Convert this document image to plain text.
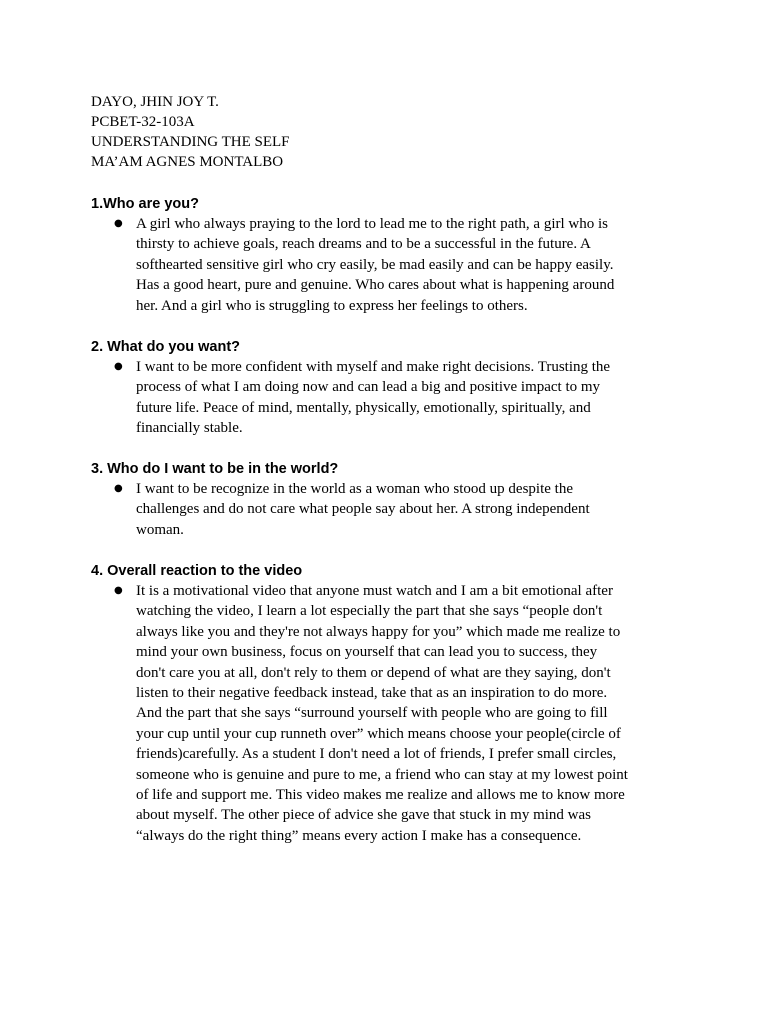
DAYO, JHIN JOY T.
PCBET-32-103A
UNDERSTANDING THE SELF
MA’AM AGNES MONTALBO
1.Who are you?
● A girl who always praying to the lord to lead me to the right path, a girl who is
thirsty to achieve goals, reach dreams and to be a successful in the future. A
softhearted sensitive girl who cry easily, be mad easily and can be happy easily.
Has a good heart, pure and genuine. Who cares about what is happening around
her. And a girl who is struggling to express her feelings to others.
2. What do you want?
● I want to be more confident with myself and make right decisions. Trusting the
process of what I am doing now and can lead a big and positive impact to my
future life. Peace of mind, mentally, physically, emotionally, spiritually, and
financially stable.
3. Who do I want to be in the world?
● I want to be recognize in the world as a woman who stood up despite the
challenges and do not care what people say about her. A strong independent
woman.
4. Overall reaction to the video
● It is a motivational video that anyone must watch and I am a bit emotional after
watching the video, I learn a lot especially the part that she says “people don't
always like you and they're not always happy for you” which made me realize to
mind your own business, focus on yourself that can lead you to success, they
don't care you at all, don't rely to them or depend of what are they saying, don't
listen to their negative feedback instead, take that as an inspiration to do more.
And the part that she says “surround yourself with people who are going to fill
your cup until your cup runneth over” which means choose your people(circle of
friends)carefully. As a student I don't need a lot of friends, I prefer small circles,
someone who is genuine and pure to me, a friend who can stay at my lowest point
of life and support me. This video makes me realize and allows me to know more
about myself. The other piece of advice she gave that stuck in my mind was
“always do the right thing” means every action I make has a consequence.
